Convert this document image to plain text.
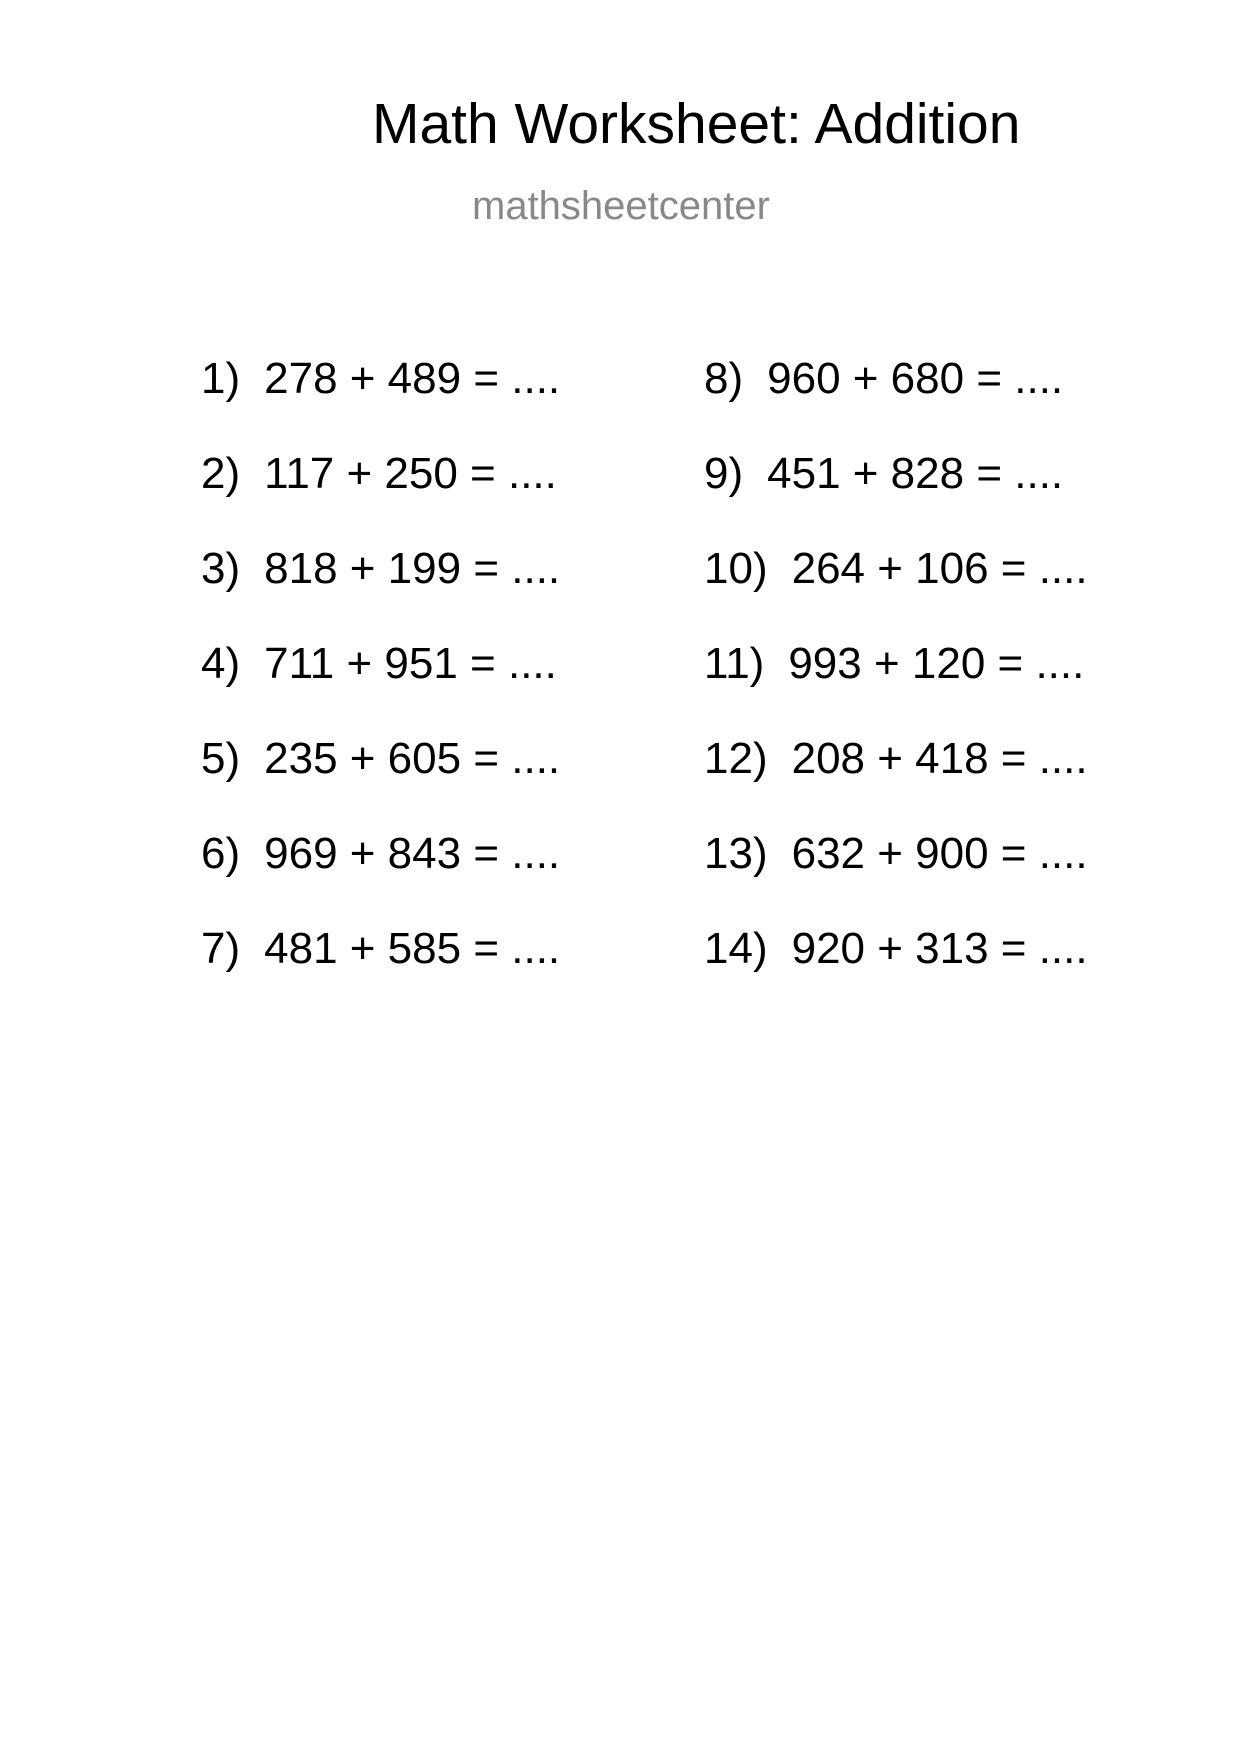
Math Worksheet: Addition
mathsheetcenter
1) 278 + 489 = ....
2) 117 + 250 = ....
3) 818 + 199 = ....
4) 711 + 951 = ....
5) 235 + 605 = ....
6) 969 + 843 = ....
7) 481 + 585 = ....
8) 960 + 680 = ....
9) 451 + 828 = ....
10) 264 + 106 = ....
11) 993 + 120 = ....
12) 208 + 418 = ....
13) 632 + 900 = ....
14) 920 + 313 = ....
